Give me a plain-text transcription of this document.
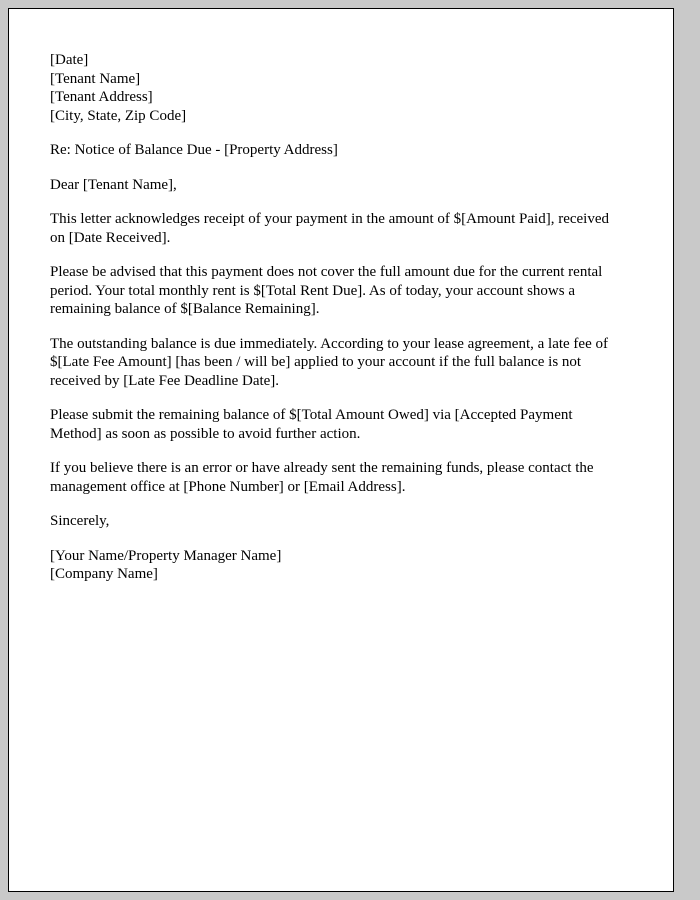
[Date]
[Tenant Name]
[Tenant Address]
[City, State, Zip Code]
Re: Notice of Balance Due - [Property Address]
Dear [Tenant Name],
This letter acknowledges receipt of your payment in the amount of $[Amount Paid], received on [Date Received].
Please be advised that this payment does not cover the full amount due for the current rental period. Your total monthly rent is $[Total Rent Due]. As of today, your account shows a remaining balance of $[Balance Remaining].
The outstanding balance is due immediately. According to your lease agreement, a late fee of $[Late Fee Amount] [has been / will be] applied to your account if the full balance is not received by [Late Fee Deadline Date].
Please submit the remaining balance of $[Total Amount Owed] via [Accepted Payment Method] as soon as possible to avoid further action.
If you believe there is an error or have already sent the remaining funds, please contact the management office at [Phone Number] or [Email Address].
Sincerely,
[Your Name/Property Manager Name]
[Company Name]
